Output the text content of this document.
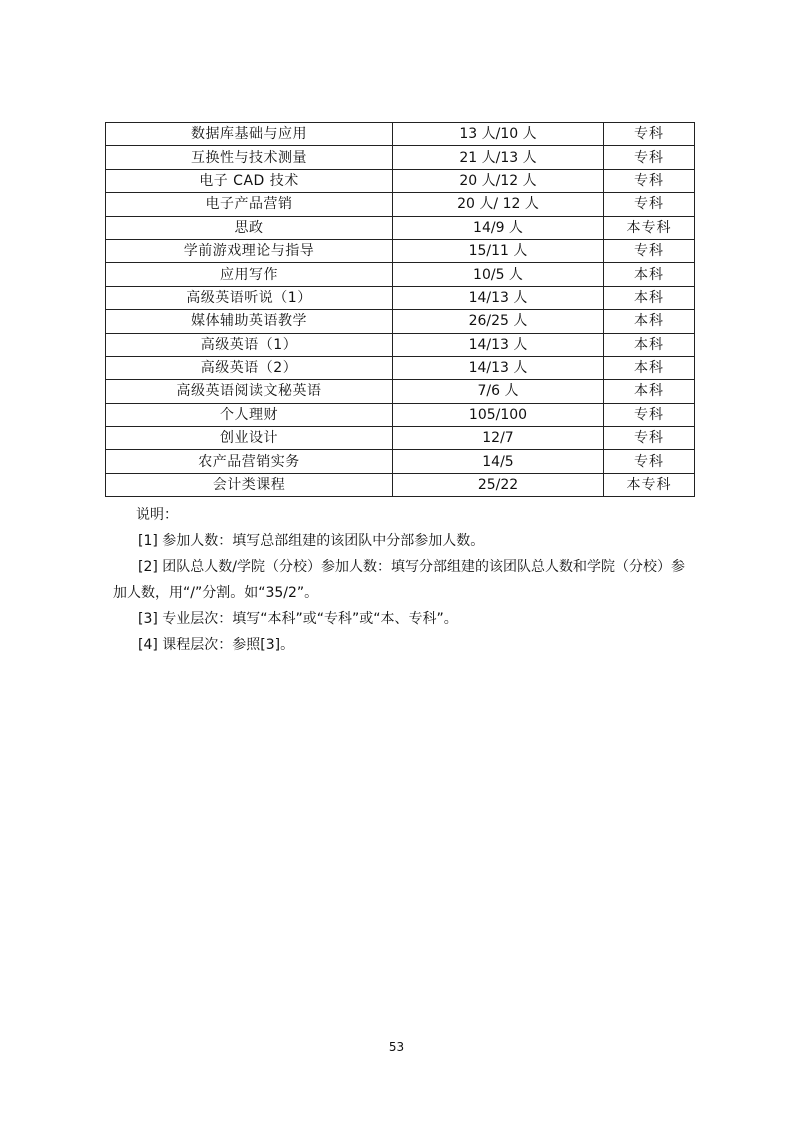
数据库基础与应用	13 人/10 人	专科
互换性与技术测量	21 人/13 人	专科
电子 CAD 技术	20 人/12 人	专科
电子产品营销	20 人/ 12 人	专科
思政	14/9 人	本专科
学前游戏理论与指导	15/11 人	专科
应用写作	10/5 人	本科
高级英语听说（1）	14/13 人	本科
媒体辅助英语教学	26/25 人	本科
高级英语（1）	14/13 人	本科
高级英语（2）	14/13 人	本科
高级英语阅读文秘英语	7/6 人	本科
个人理财	105/100	专科
创业设计	12/7	专科
农产品营销实务	14/5	专科
会计类课程	25/22	本专科

说明：

[1] 参加人数：填写总部组建的该团队中分部参加人数。

[2] 团队总人数/学院（分校）参加人数：填写分部组建的该团队总人数和学院（分校）参加人数，用“/”分割。如“35/2”。

[3] 专业层次：填写“本科”或“专科”或“本、专科”。

[4] 课程层次：参照[3]。

53
